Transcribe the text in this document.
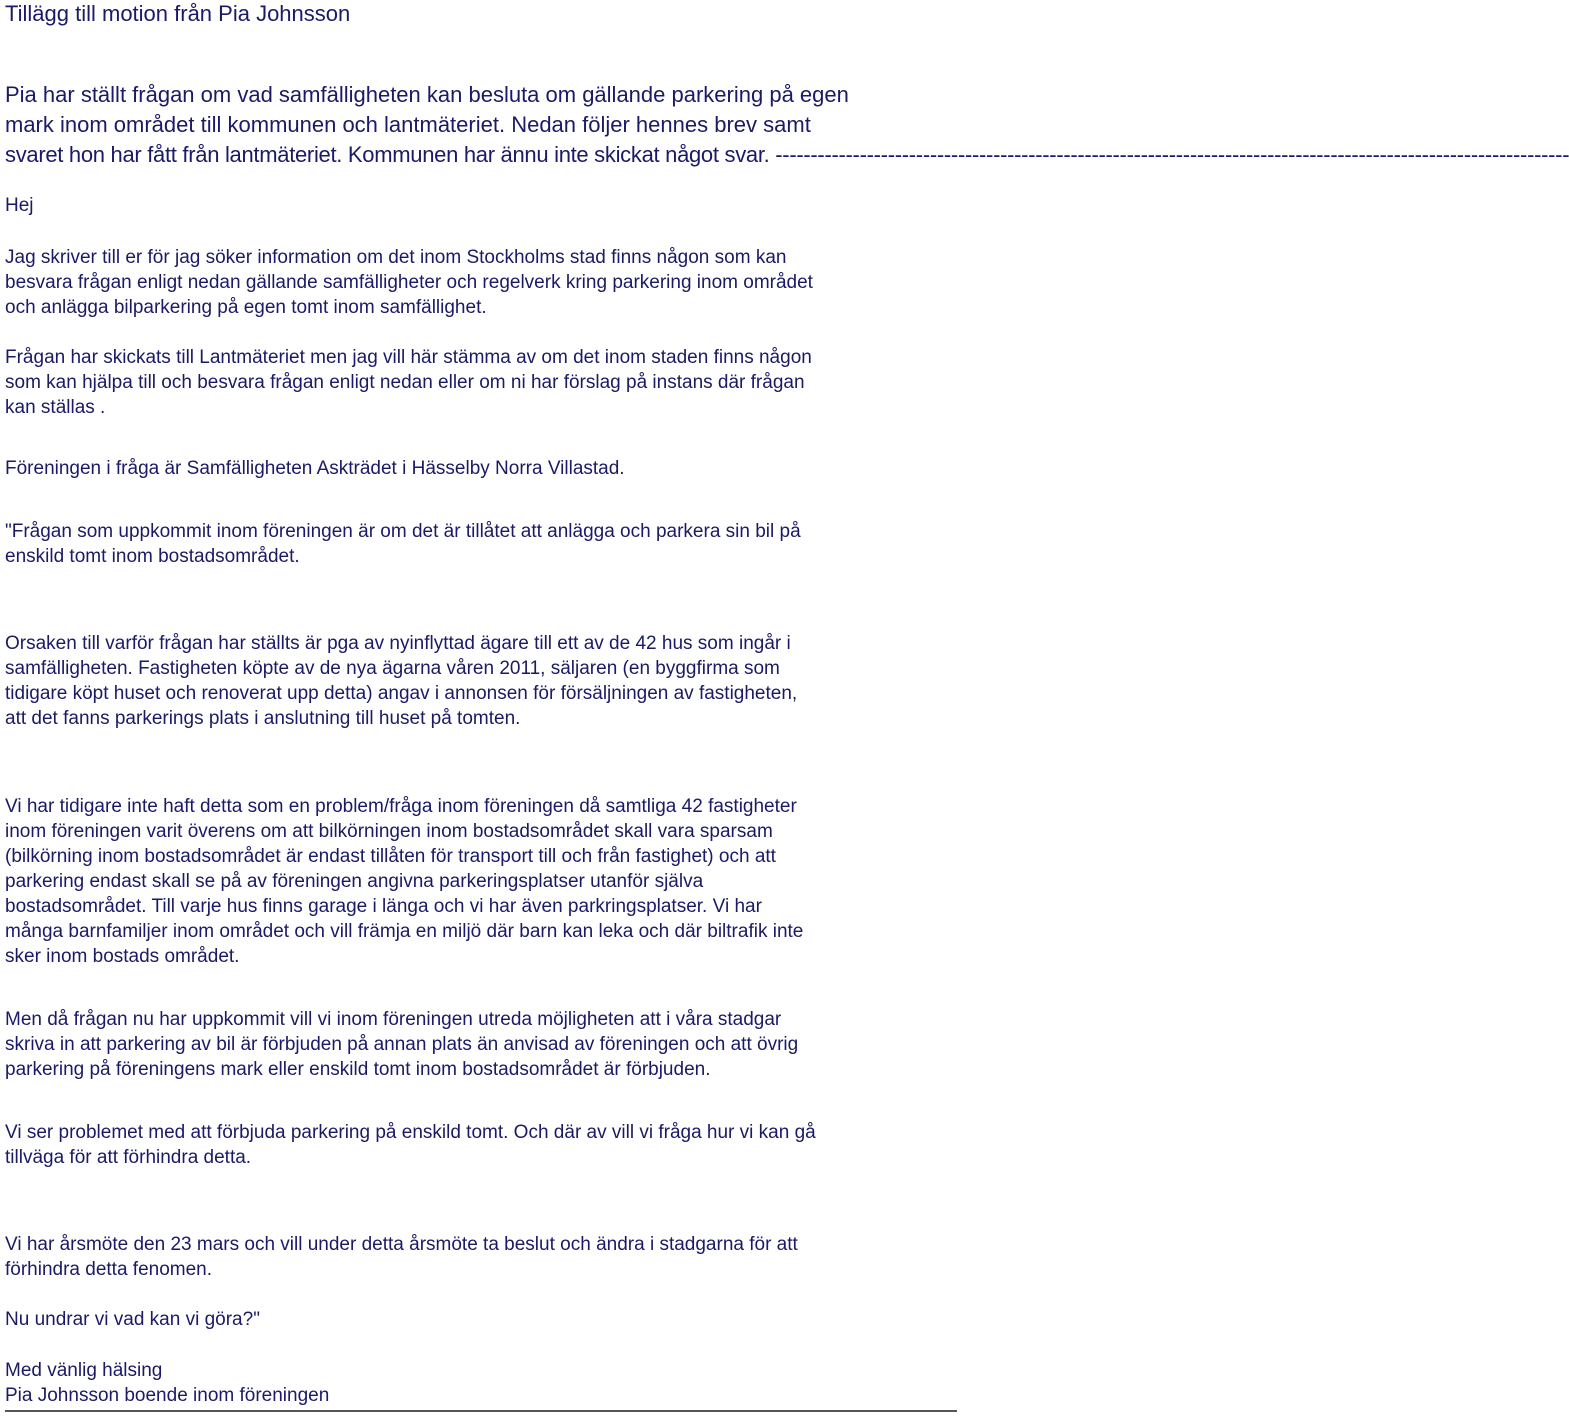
Tillägg till motion från Pia Johnsson

Pia har ställt frågan om vad samfälligheten kan besluta om gällande parkering på egen

mark inom området till kommunen och lantmäteriet. Nedan följer hennes brev samt

svaret hon har fått från lantmäteriet. Kommunen har ännu inte skickat något svar. -----------------------------------------------------------------------------------------------------------------

Hej

Jag skriver till er för jag söker information om det inom Stockholms stad finns någon som kan

besvara frågan enligt nedan gällande samfälligheter och regelverk kring parkering inom området

och anlägga bilparkering på egen tomt inom samfällighet.

Frågan har skickats till Lantmäteriet men jag vill här stämma av om det inom staden finns någon

som kan hjälpa till och besvara frågan enligt nedan eller om ni har förslag på instans där frågan

kan ställas .

Föreningen i fråga är Samfälligheten Askträdet i Hässelby Norra Villastad.

"Frågan som uppkommit inom föreningen är om det är tillåtet att anlägga och parkera sin bil på

enskild tomt inom bostadsområdet.

Orsaken till varför frågan har ställts är pga av nyinflyttad ägare till ett av de 42 hus som ingår i

samfälligheten. Fastigheten köpte av de nya ägarna våren 2011, säljaren (en byggfirma som

tidigare köpt huset och renoverat upp detta) angav i annonsen för försäljningen av fastigheten,

att det fanns parkerings plats i anslutning till huset på tomten.

Vi har tidigare inte haft detta som en problem/fråga inom föreningen då samtliga 42 fastigheter

inom föreningen varit överens om att bilkörningen inom bostadsområdet skall vara sparsam

(bilkörning inom bostadsområdet är endast tillåten för transport till och från fastighet) och att

parkering endast skall se på av föreningen angivna parkeringsplatser utanför själva

bostadsområdet. Till varje hus finns garage i länga och vi har även parkringsplatser. Vi har

många barnfamiljer inom området och vill främja en miljö där barn kan leka och där biltrafik inte

sker inom bostads området.

Men då frågan nu har uppkommit vill vi inom föreningen utreda möjligheten att i våra stadgar

skriva in att parkering av bil är förbjuden på annan plats än anvisad av föreningen och att övrig

parkering på föreningens mark eller enskild tomt inom bostadsområdet är förbjuden.

Vi ser problemet med att förbjuda parkering på enskild tomt. Och där av vill vi fråga hur vi kan gå

tillväga för att förhindra detta.

Vi har årsmöte den 23 mars och vill under detta årsmöte ta beslut och ändra i stadgarna för att

förhindra detta fenomen.

Nu undrar vi vad kan vi göra?"

Med vänlig hälsing

Pia Johnsson boende inom föreningen
